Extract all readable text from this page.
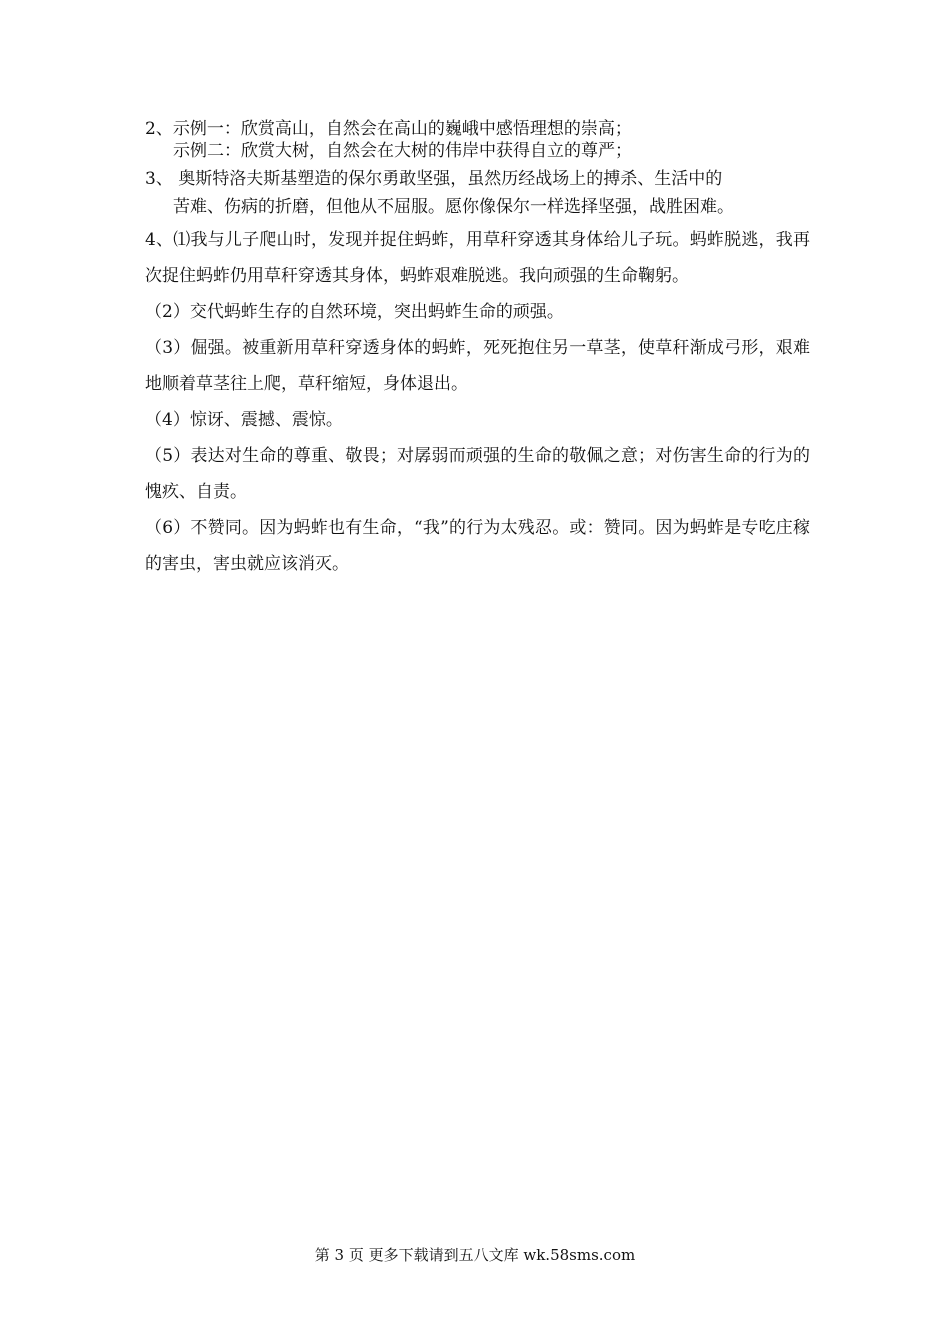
2、示例一：欣赏高山，自然会在高山的巍峨中感悟理想的崇高；

示例二：欣赏大树，自然会在大树的伟岸中获得自立的尊严；

3、 奥斯特洛夫斯基塑造的保尔勇敢坚强，虽然历经战场上的搏杀、生活中的

苦难、伤病的折磨，但他从不屈服。愿你像保尔一样选择坚强，战胜困难。

4、⑴我与儿子爬山时，发现并捉住蚂蚱，用草秆穿透其身体给儿子玩。蚂蚱脱逃，我再次捉住蚂蚱仍用草秆穿透其身体，蚂蚱艰难脱逃。我向顽强的生命鞠躬。

（2）交代蚂蚱生存的自然环境，突出蚂蚱生命的顽强。

（3）倔强。被重新用草秆穿透身体的蚂蚱，死死抱住另一草茎，使草秆渐成弓形，艰难地顺着草茎往上爬，草秆缩短，身体退出。

（4）惊讶、震撼、震惊。

（5）表达对生命的尊重、敬畏；对孱弱而顽强的生命的敬佩之意；对伤害生命的行为的愧疚、自责。

（6）不赞同。因为蚂蚱也有生命，“我”的行为太残忍。或：赞同。因为蚂蚱是专吃庄稼的害虫，害虫就应该消灭。

第 3 页 更多下载请到五八文库 wk.58sms.com
